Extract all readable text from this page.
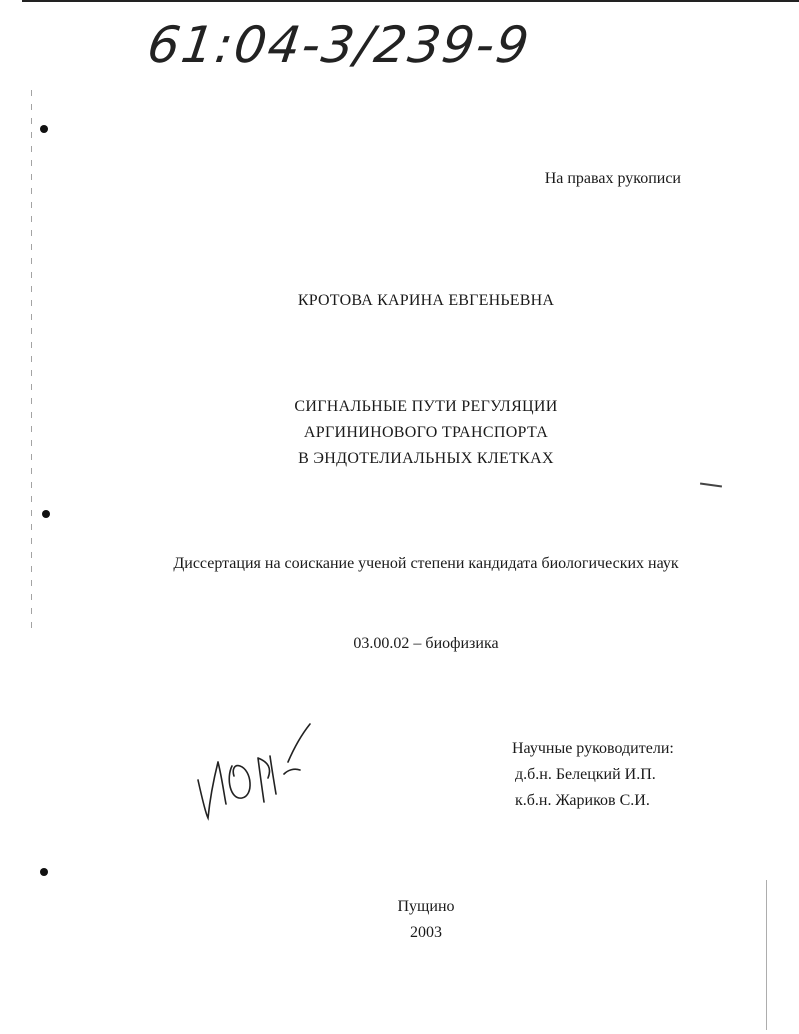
61:04-3/239-9
На правах рукописи
КРОТОВА КАРИНА ЕВГЕНЬЕВНА
СИГНАЛЬНЫЕ ПУТИ РЕГУЛЯЦИИ
АРГИНИНОВОГО ТРАНСПОРТА
В ЭНДОТЕЛИАЛЬНЫХ КЛЕТКАХ
Диссертация на соискание ученой степени кандидата биологических наук
03.00.02 – биофизика
Научные руководители:
д.б.н. Белецкий И.П.
к.б.н. Жариков С.И.
Пущино
2003
